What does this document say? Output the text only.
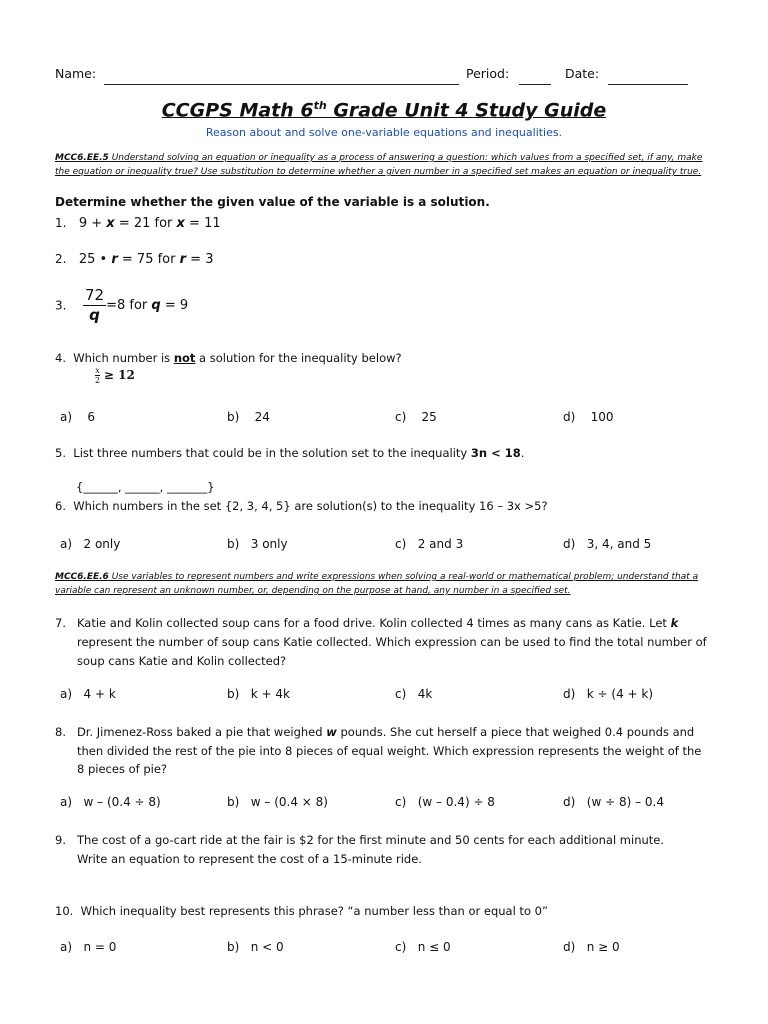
Name:	Period:	Date:
CCGPS Math 6th Grade Unit 4 Study Guide
Reason about and solve one-variable equations and inequalities.
MCC6.EE.5 Understand solving an equation or inequality as a process of answering a question: which values from a specified set, if any, make
the equation or inequality true? Use substitution to determine whether a given number in a specified set makes an equation or inequality true.
Determine whether the given value of the variable is a solution.
1. 9 + x = 21 for x = 11
2. 25 • r = 75 for r = 3
3. $\frac{72}{q} =8$ for q = 9
4. Which number is not a solution for the inequality below?
$\frac{x}{2} \ge 12$
a) 6	b) 24	c) 25	d) 100
5. List three numbers that could be in the solution set to the inequality 3n < 18.
{______, ______, _______}
6. Which numbers in the set {2, 3, 4, 5} are solution(s) to the inequality 16 – 3x >5?
a) 2 only	b) 3 only	c) 2 and 3	d) 3, 4, and 5
MCC6.EE.6 Use variables to represent numbers and write expressions when solving a real-world or mathematical problem; understand that a
variable can represent an unknown number, or, depending on the purpose at hand, any number in a specified set.
7. Katie and Kolin collected soup cans for a food drive. Kolin collected 4 times as many cans as Katie. Let k
represent the number of soup cans Katie collected. Which expression can be used to find the total number of
soup cans Katie and Kolin collected?
a) 4 + k	b) k + 4k	c) 4k	d) k ÷ (4 + k)
8. Dr. Jimenez-Ross baked a pie that weighed w pounds. She cut herself a piece that weighed 0.4 pounds and
then divided the rest of the pie into 8 pieces of equal weight. Which expression represents the weight of the
8 pieces of pie?
a) w – (0.4 ÷ 8)	b) w – (0.4 × 8)	c) (w – 0.4) ÷ 8	d) (w ÷ 8) – 0.4
9. The cost of a go-cart ride at the fair is $2 for the first minute and 50 cents for each additional minute.
Write an equation to represent the cost of a 15-minute ride.
10. Which inequality best represents this phrase? “a number less than or equal to 0”
a) n = 0	b) n < 0	c) n ≤ 0	d) n ≥ 0
